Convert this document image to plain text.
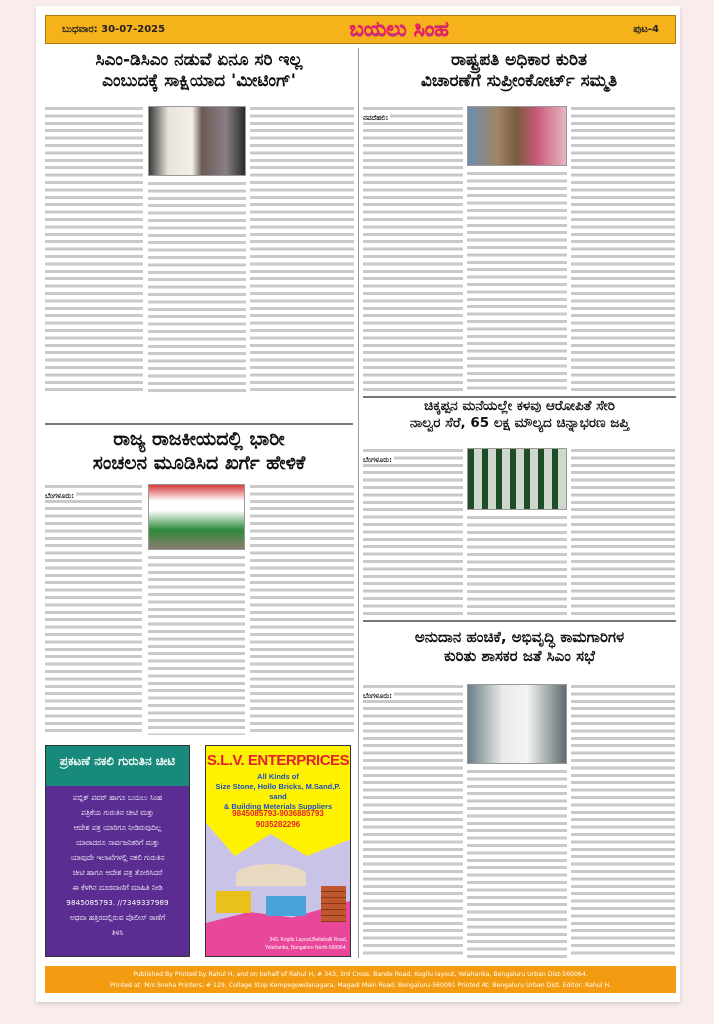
ಬುಧವಾರ: 30-07-2025	ಬಯಲು ಸಿಂಹ	ಪುಟ-4
ಸಿಎಂ-ಡಿಸಿಎಂ ನಡುವೆ ಏನೂ ಸರಿ ಇಲ್ಲ
ಎಂಬುದಕ್ಕೆ ಸಾಕ್ಷಿಯಾದ 'ಮೀಟಿಂಗ್'
ರಾಷ್ಟ್ರಪತಿ ಅಧಿಕಾರ ಕುರಿತ
ವಿಚಾರಣೆಗೆ ಸುಪ್ರೀಂಕೋರ್ಟ್ ಸಮ್ಮತಿ
ನವದೆಹಲಿ:
ರಾಜ್ಯ ರಾಜಕೀಯದಲ್ಲಿ ಭಾರೀ
ಸಂಚಲನ ಮೂಡಿಸಿದ ಖರ್ಗೆ ಹೇಳಿಕೆ
ಬೆಂಗಳೂರು:
ಚಿಕ್ಕಪ್ಪನ ಮನೆಯಲ್ಲೇ ಕಳವು ಆರೋಪಿತೆ ಸೇರಿ
ನಾಲ್ವರ ಸೆರೆ, 65 ಲಕ್ಷ ಮೌಲ್ಯದ ಚಿನ್ನಾಭರಣ ಜಪ್ತಿ
ಬೆಂಗಳೂರು:
ಅನುದಾನ ಹಂಚಿಕೆ, ಅಭಿವೃದ್ಧಿ ಕಾಮಗಾರಿಗಳ
ಕುರಿತು ಶಾಸಕರ ಜತೆ ಸಿಎಂ ಸಭೆ
ಬೆಂಗಳೂರು:
ಪ್ರಕಟಣೆ ನಕಲಿ ಗುರುತಿನ ಚೀಟಿ
ಪಬ್ಲಿಕ್ ಪವರ್ ಹಾಗೂ ಬಯಲು ಸಿಂಹ
ಪತ್ರಿಕೆಯ ಗುರುತಿನ ಚೀಟಿ ಮತ್ತು
ಆದೇಶ ಪತ್ರ ಯಾರಿಗೂ ನೀಡಿರುವುದಿಲ್ಲ
ಯಾರಾದರೂ ಸಾರ್ವಜನಿಕರಿಗೆ ಮತ್ತು
ಯಾವುದೇ ಇಲಾಖೆಗಳಲ್ಲಿ ನಕಲಿ ಗುರುತಿನ
ಚೀಟಿ ಹಾಗೂ ಆದೇಶ ಪತ್ರ ತೋರಿಸಿದರೆ
ಈ ಕೆಳಗಿನ ದೂರವಾಣಿಗೆ ಮಾಹಿತಿ ನೀಡಿ
9845085793. //7349337989
ಅಥವಾ ಹತ್ತಿರದಲ್ಲಿರುವ ಪೊಲೀಸ್ ಠಾಣೆಗೆ
ತಿಳಿಸಿ
S.L.V. ENTERPRICES
All Kinds of
Size Stone, Hollo Bricks, M.Sand,P. sand
& Building Meterials Suppliers
9845085793-9036885793
9035282296
343, Kogilu Layout,Bellahalli Road,
Yelahanka, Bangalore North-560064.
Published By Printed by Rahul H, and on behalf of Rahul H, # 343, 3rd Cross, Bande Road, Kogilu layout, Yelahanka, Bengaluru Urban Dist-560064.
Printed at: M/s Sneha Printers, # 129, Collage Stop Kempegowdanagara, Magadi Main Road, Bengaluru-560091 Printed At: Bengaluru Urban Dist. Editor: Rahul H.
